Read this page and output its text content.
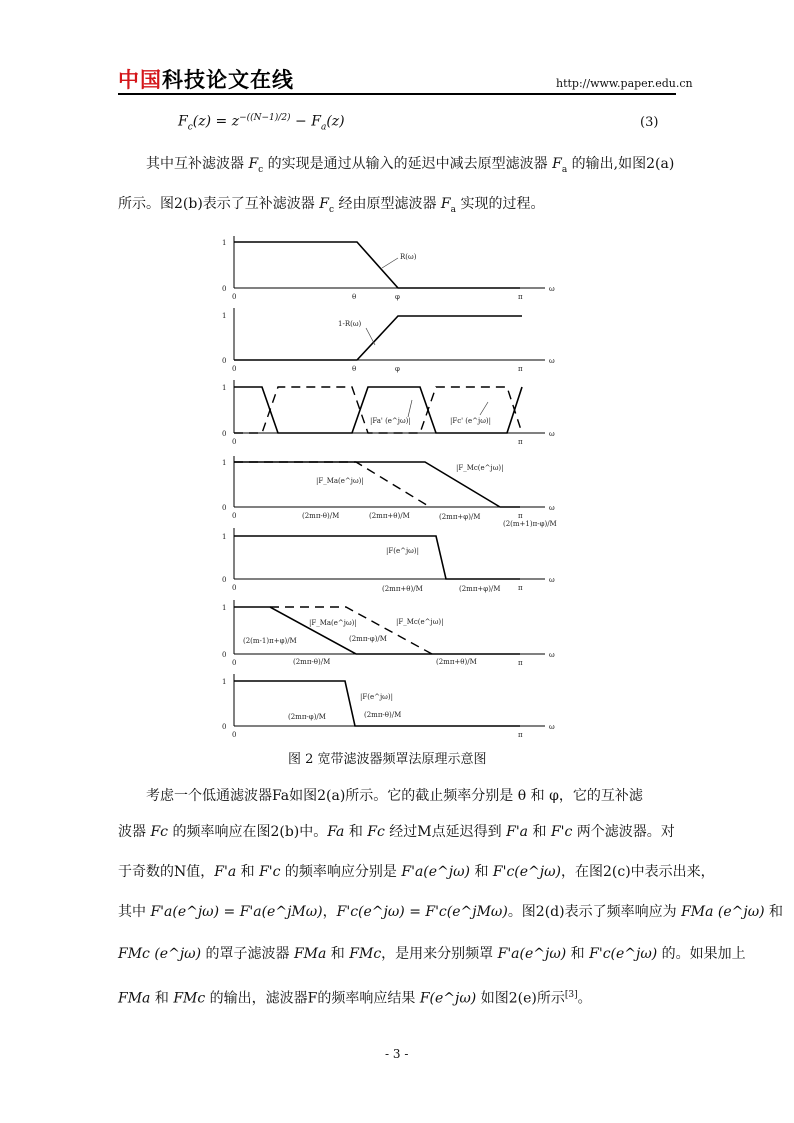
中国科技论文在线	http://www.paper.edu.cn
$F_c(z) = z^{-((N-1)/2)} - F_a(z)$	(3)
其中互补滤波器 $F_c$ 的实现是通过从输入的延迟中减去原型滤波器 $F_a$ 的输出,如图2(a)
所示。图2(b)表示了互补滤波器 $F_c$ 经由原型滤波器 $F_a$ 实现的过程。
R(ω)
1
0
0	θ	φ	π
ω
1-R(ω)
1
0
0	θ	φ	π
ω
|Fa' (e^jω)|	|Fc' (e^jω)|
1
0
0	π
ω
|F_Ma(e^jω)|
|F_Mc(e^jω)|
(2mπ-θ)/M	(2mπ+θ)/M	(2mπ+φ)/M
(2(m+1)π-φ)/M
1
0
0	π
ω
|F(e^jω)|
(2mπ+θ)/M	(2mπ+φ)/M
1
0
0	π
ω
|F_Ma(e^jω)|	|F_Mc(e^jω)|
(2(m-1)π+φ)/M
(2mπ-θ)/M
(2mπ-φ)/M
(2mπ+θ)/M
1
0
0	π
ω
|F(e^jω)|
(2mπ-φ)/M	(2mπ-θ)/M
1
0
0	π
ω
图 2 宽带滤波器频罩法原理示意图
考虑一个低通滤波器Fa如图2(a)所示。它的截止频率分别是 θ 和 φ，它的互补滤
波器 Fc 的频率响应在图2(b)中。Fa 和 Fc 经过M点延迟得到 F'a 和 F'c 两个滤波器。对
于奇数的N值，F'a 和 F'c 的频率响应分别是 F'a(e^jω) 和 F'c(e^jω)，在图2(c)中表示出来，
其中 F'a(e^jω) = F'a(e^jMω)，F'c(e^jω) = F'c(e^jMω)。图2(d)表示了频率响应为 FMa (e^jω) 和
FMc (e^jω) 的罩子滤波器 FMa 和 FMc，是用来分别频罩 F'a(e^jω) 和 F'c(e^jω) 的。如果加上
FMa 和 FMc 的输出，滤波器F的频率响应结果 F(e^jω) 如图2(e)所示[3]。
- 3 -
